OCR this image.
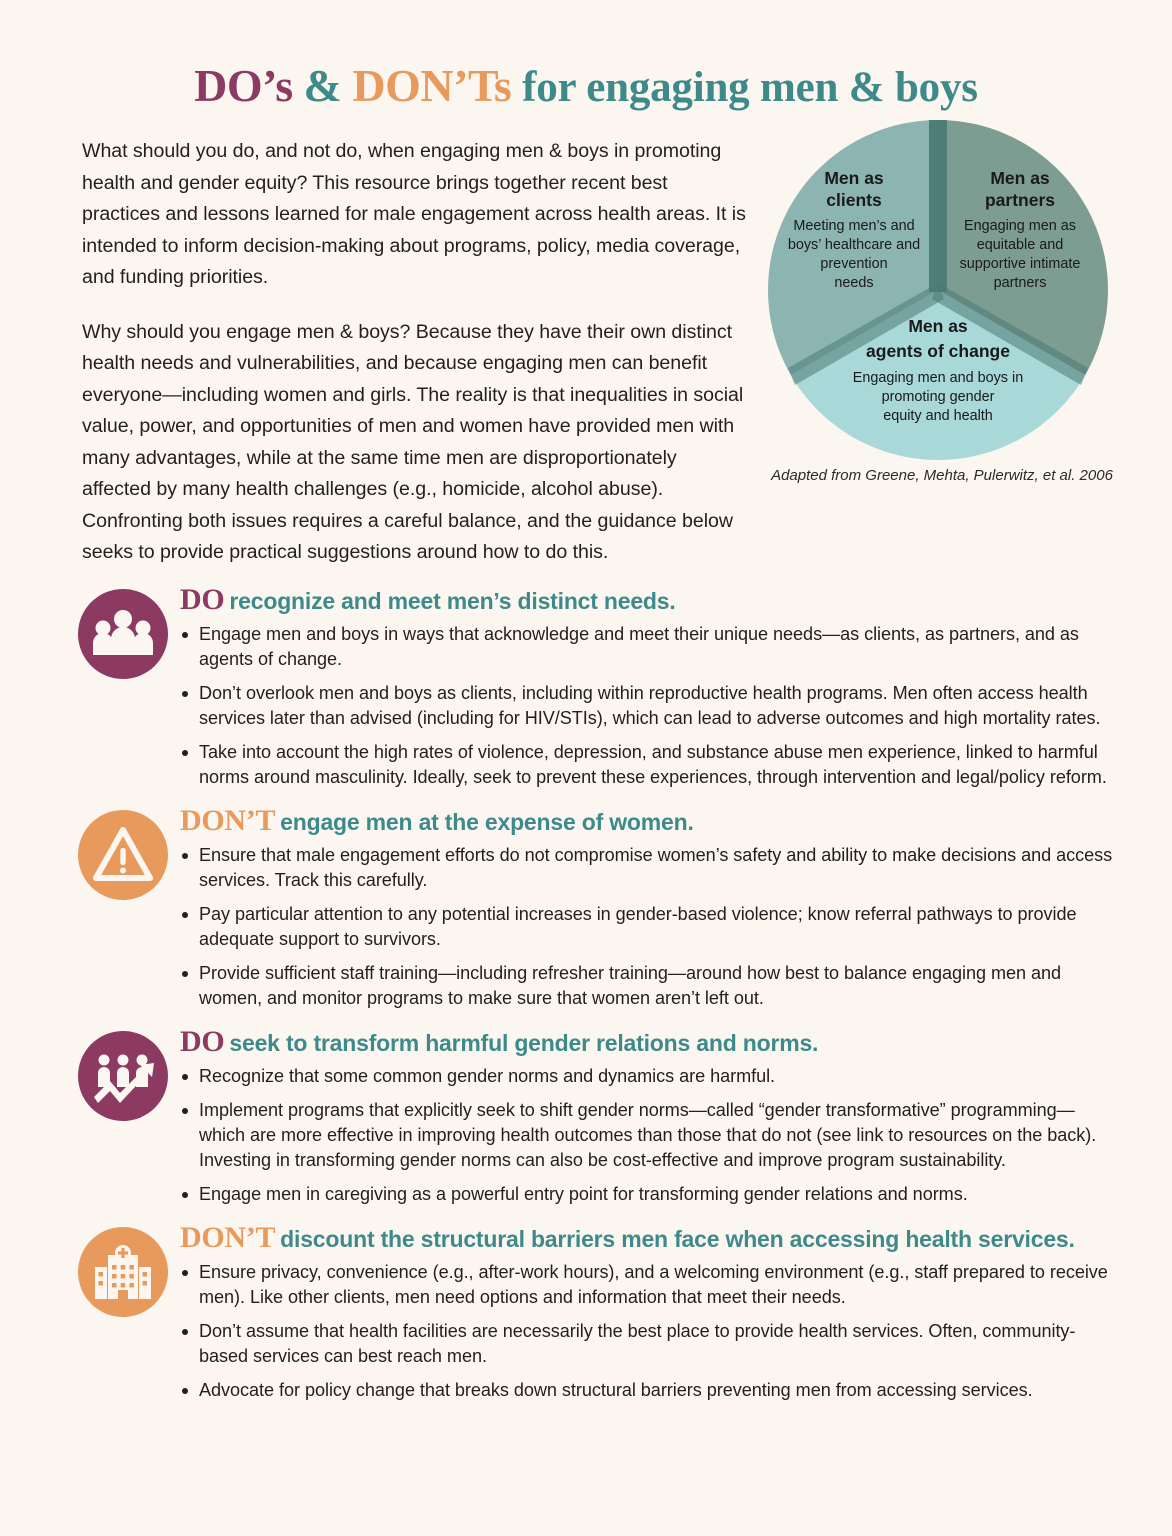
DO’s & DON’Ts for engaging men & boys

What should you do, and not do, when engaging men & boys in promoting health and gender equity? This resource brings together recent best practices and lessons learned for male engagement across health areas. It is intended to inform decision-making about programs, policy, media coverage, and funding priorities.

Why should you engage men & boys? Because they have their own distinct health needs and vulnerabilities, and because engaging men can benefit everyone—including women and girls. The reality is that inequalities in social value, power, and opportunities of men and women have provided men with many advantages, while at the same time men are disproportionately affected by many health challenges (e.g., homicide, alcohol abuse). Confronting both issues requires a careful balance, and the guidance below seeks to provide practical suggestions around how to do this.

Men as
clients
Meeting men’s and
boys’ healthcare and
prevention
needs
Men as
partners
Engaging men as
equitable and
supportive intimate
partners
Men as
agents of change
Engaging men and boys in
promoting gender
equity and health
Adapted from Greene, Mehta, Pulerwitz, et al. 2006
DO recognize and meet men’s distinct needs.
Engage men and boys in ways that acknowledge and meet their unique needs—as clients, as partners, and as agents of change.
Don’t overlook men and boys as clients, including within reproductive health programs. Men often access health services later than advised (including for HIV/STIs), which can lead to adverse outcomes and high mortality rates.
Take into account the high rates of violence, depression, and substance abuse men experience, linked to harmful norms around masculinity. Ideally, seek to prevent these experiences, through intervention and legal/policy reform.
DON’T engage men at the expense of women.
Ensure that male engagement efforts do not compromise women’s safety and ability to make decisions and access services. Track this carefully.
Pay particular attention to any potential increases in gender-based violence; know referral pathways to provide adequate support to survivors.
Provide sufficient staff training—including refresher training—around how best to balance engaging men and women, and monitor programs to make sure that women aren’t left out.
DO seek to transform harmful gender relations and norms.
Recognize that some common gender norms and dynamics are harmful.
Implement programs that explicitly seek to shift gender norms—called “gender transformative” programming—which are more effective in improving health outcomes than those that do not (see link to resources on the back). Investing in transforming gender norms can also be cost-effective and improve program sustainability.
Engage men in caregiving as a powerful entry point for transforming gender relations and norms.
DON’T discount the structural barriers men face when accessing health services.
Ensure privacy, convenience (e.g., after-work hours), and a welcoming environment (e.g., staff prepared to receive men). Like other clients, men need options and information that meet their needs.
Don’t assume that health facilities are necessarily the best place to provide health services. Often, community-based services can best reach men.
Advocate for policy change that breaks down structural barriers preventing men from accessing services.
